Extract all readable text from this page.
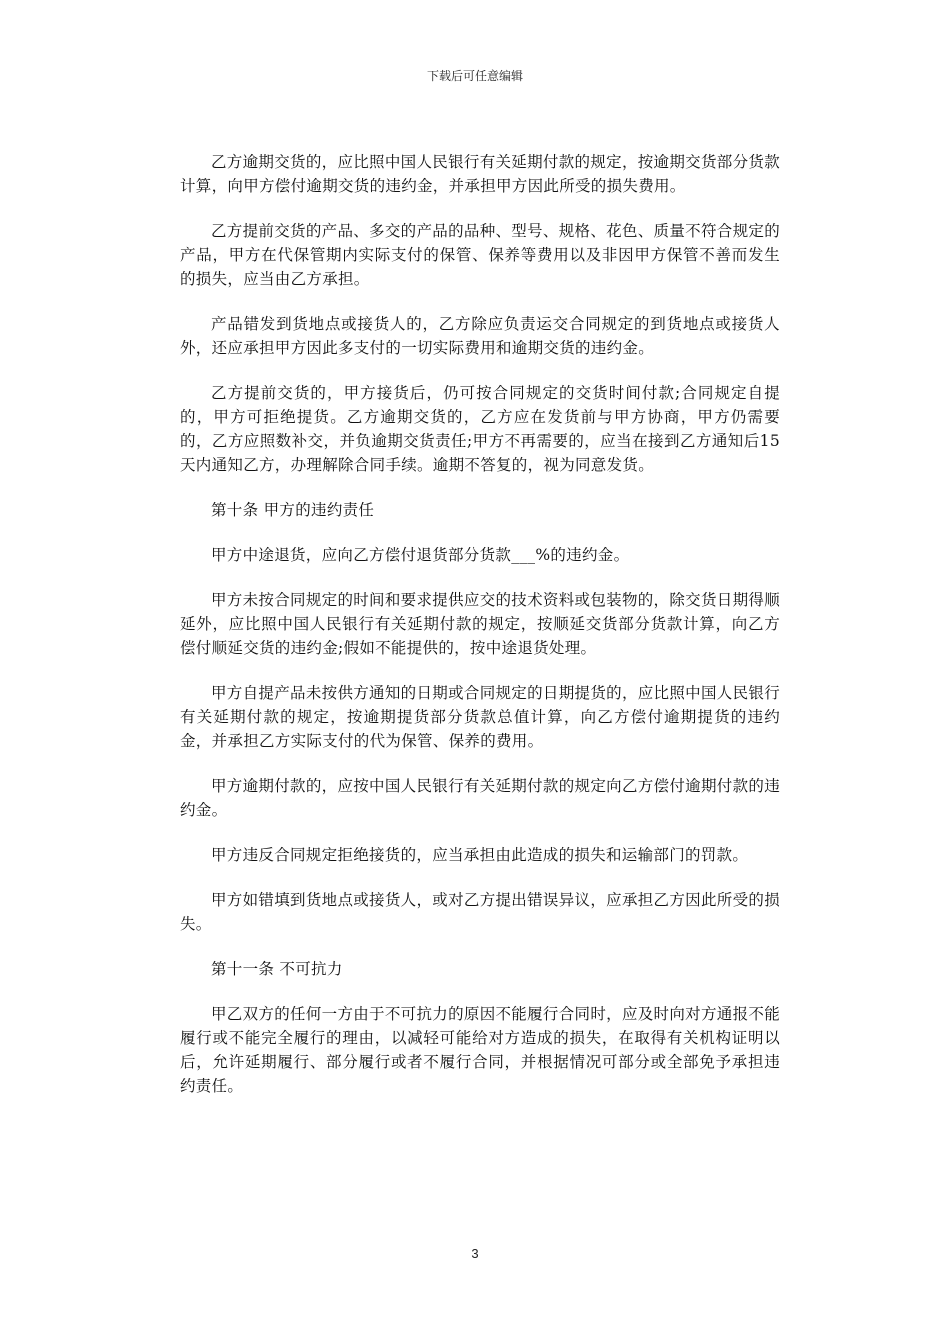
下载后可任意编辑

乙方逾期交货的，应比照中国人民银行有关延期付款的规定，按逾期交货部分货款计算，向甲方偿付逾期交货的违约金，并承担甲方因此所受的损失费用。

乙方提前交货的产品、多交的产品的品种、型号、规格、花色、质量不符合规定的产品，甲方在代保管期内实际支付的保管、保养等费用以及非因甲方保管不善而发生的损失，应当由乙方承担。

产品错发到货地点或接货人的，乙方除应负责运交合同规定的到货地点或接货人外，还应承担甲方因此多支付的一切实际费用和逾期交货的违约金。

乙方提前交货的，甲方接货后，仍可按合同规定的交货时间付款;合同规定自提的，甲方可拒绝提货。乙方逾期交货的，乙方应在发货前与甲方协商，甲方仍需要的，乙方应照数补交，并负逾期交货责任;甲方不再需要的，应当在接到乙方通知后15天内通知乙方，办理解除合同手续。逾期不答复的，视为同意发货。

第十条 甲方的违约责任

甲方中途退货，应向乙方偿付退货部分货款___%的违约金。

甲方未按合同规定的时间和要求提供应交的技术资料或包装物的，除交货日期得顺延外，应比照中国人民银行有关延期付款的规定，按顺延交货部分货款计算，向乙方偿付顺延交货的违约金;假如不能提供的，按中途退货处理。

甲方自提产品未按供方通知的日期或合同规定的日期提货的，应比照中国人民银行有关延期付款的规定，按逾期提货部分货款总值计算，向乙方偿付逾期提货的违约金，并承担乙方实际支付的代为保管、保养的费用。

甲方逾期付款的，应按中国人民银行有关延期付款的规定向乙方偿付逾期付款的违约金。

甲方违反合同规定拒绝接货的，应当承担由此造成的损失和运输部门的罚款。

甲方如错填到货地点或接货人，或对乙方提出错误异议，应承担乙方因此所受的损失。

第十一条 不可抗力

甲乙双方的任何一方由于不可抗力的原因不能履行合同时，应及时向对方通报不能履行或不能完全履行的理由，以减轻可能给对方造成的损失，在取得有关机构证明以后，允许延期履行、部分履行或者不履行合同，并根据情况可部分或全部免予承担违约责任。

3
